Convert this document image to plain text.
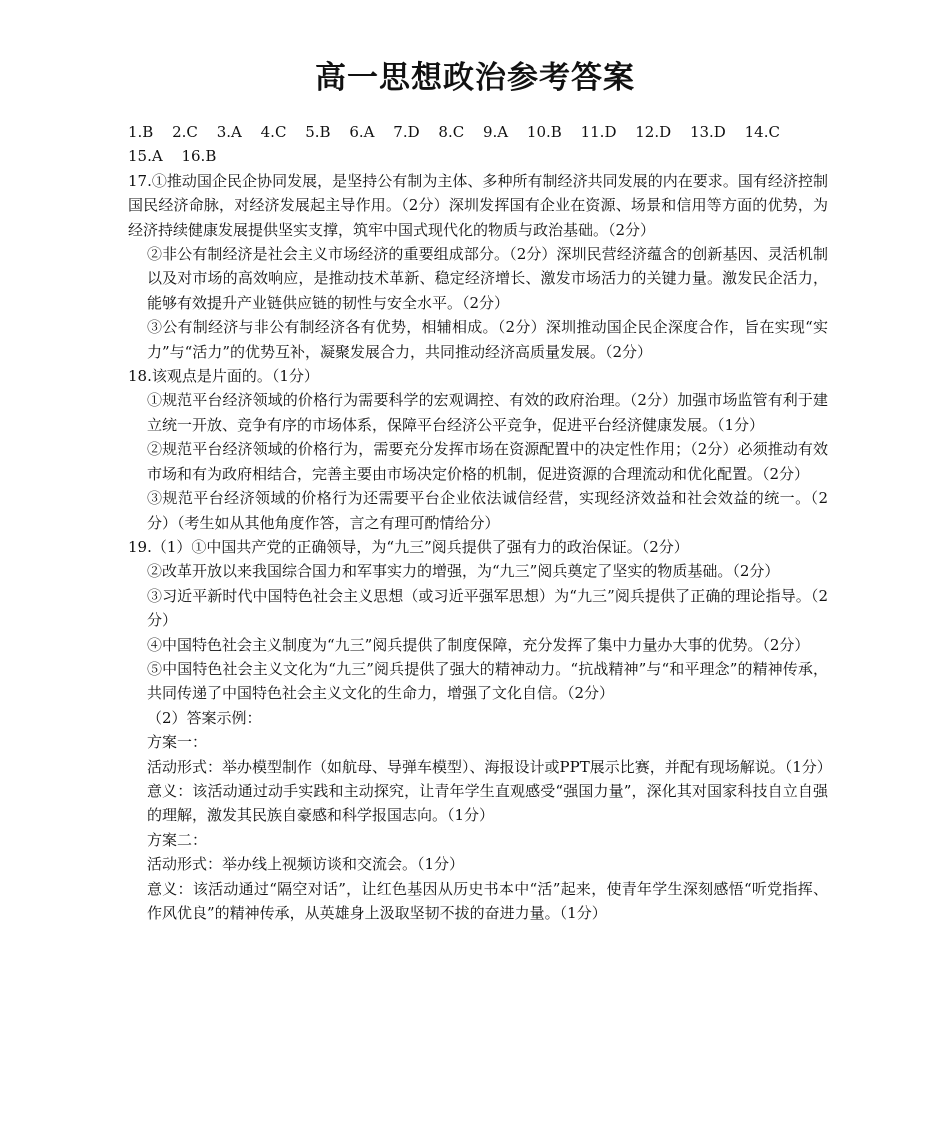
高一思想政治参考答案

1.B 2.C 3.A 4.C 5.B 6.A 7.D 8.C 9.A 10.B 11.D 12.D 13.D 14.C
15.A 16.B

17.①推动国企民企协同发展，是坚持公有制为主体、多种所有制经济共同发展的内在要求。国有经济控制国民经济命脉，对经济发展起主导作用。（2分）深圳发挥国有企业在资源、场景和信用等方面的优势，为经济持续健康发展提供坚实支撑，筑牢中国式现代化的物质与政治基础。（2分）

②非公有制经济是社会主义市场经济的重要组成部分。（2分）深圳民营经济蕴含的创新基因、灵活机制以及对市场的高效响应，是推动技术革新、稳定经济增长、激发市场活力的关键力量。激发民企活力，能够有效提升产业链供应链的韧性与安全水平。（2分）

③公有制经济与非公有制经济各有优势，相辅相成。（2分）深圳推动国企民企深度合作，旨在实现“实力”与“活力”的优势互补，凝聚发展合力，共同推动经济高质量发展。（2分）

18.该观点是片面的。（1分）

①规范平台经济领域的价格行为需要科学的宏观调控、有效的政府治理。（2分）加强市场监管有利于建立统一开放、竞争有序的市场体系，保障平台经济公平竞争，促进平台经济健康发展。（1分）

②规范平台经济领域的价格行为，需要充分发挥市场在资源配置中的决定性作用；（2分）必须推动有效市场和有为政府相结合，完善主要由市场决定价格的机制，促进资源的合理流动和优化配置。（2分）

③规范平台经济领域的价格行为还需要平台企业依法诚信经营，实现经济效益和社会效益的统一。（2分）（考生如从其他角度作答，言之有理可酌情给分）

19.（1）①中国共产党的正确领导，为“九三”阅兵提供了强有力的政治保证。（2分）

②改革开放以来我国综合国力和军事实力的增强，为“九三”阅兵奠定了坚实的物质基础。（2分）

③习近平新时代中国特色社会主义思想（或习近平强军思想）为“九三”阅兵提供了正确的理论指导。（2分）

④中国特色社会主义制度为“九三”阅兵提供了制度保障，充分发挥了集中力量办大事的优势。（2分）

⑤中国特色社会主义文化为“九三”阅兵提供了强大的精神动力。“抗战精神”与“和平理念”的精神传承，共同传递了中国特色社会主义文化的生命力，增强了文化自信。（2分）

（2）答案示例：

方案一：

活动形式：举办模型制作（如航母、导弹车模型）、海报设计或PPT展示比赛，并配有现场解说。（1分）

意义：该活动通过动手实践和主动探究，让青年学生直观感受“强国力量”，深化其对国家科技自立自强的理解，激发其民族自豪感和科学报国志向。（1分）

方案二：

活动形式：举办线上视频访谈和交流会。（1分）

意义：该活动通过“隔空对话”，让红色基因从历史书本中“活”起来，使青年学生深刻感悟“听党指挥、作风优良”的精神传承，从英雄身上汲取坚韧不拔的奋进力量。（1分）
